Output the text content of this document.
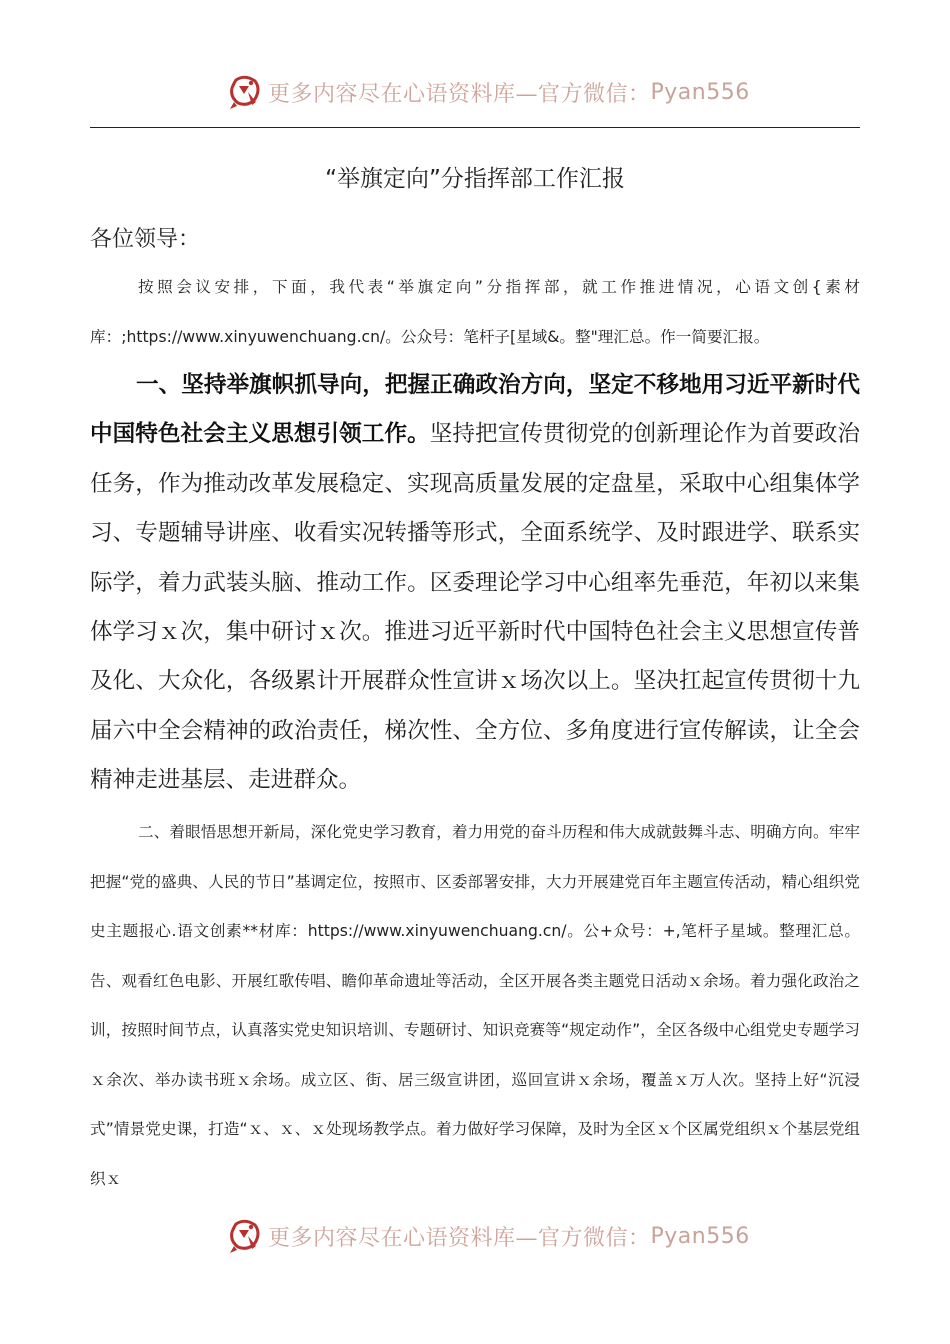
更多内容尽在心语资料库—官方微信： Pyan556
“举旗定向”分指挥部工作汇报
各位领导：
按照会议安排，下面，我代表“举旗定向”分指挥部，就工作推进情况，心语文创{素材库：;https://www.xinyuwenchuang.cn/。公众号：笔杆子[星域&。整"理汇总。作一简要汇报。
一、坚持举旗帜抓导向，把握正确政治方向，坚定不移地用习近平新时代中国特色社会主义思想引领工作。坚持把宣传贯彻党的创新理论作为首要政治任务，作为推动改革发展稳定、实现高质量发展的定盘星，采取中心组集体学习、专题辅导讲座、收看实况转播等形式，全面系统学、及时跟进学、联系实际学，着力武装头脑、推动工作。区委理论学习中心组率先垂范，年初以来集体学习ｘ次，集中研讨ｘ次。推进习近平新时代中国特色社会主义思想宣传普及化、大众化，各级累计开展群众性宣讲ｘ场次以上。坚决扛起宣传贯彻十九届六中全会精神的政治责任，梯次性、全方位、多角度进行宣传解读，让全会精神走进基层、走进群众。
二、着眼悟思想开新局，深化党史学习教育，着力用党的奋斗历程和伟大成就鼓舞斗志、明确方向。牢牢把握“党的盛典、人民的节日”基调定位，按照市、区委部署安排，大力开展建党百年主题宣传活动，精心组织党史主题报心.语文创素**材库：https://www.xinyuwenchuang.cn/。公+众号：+,笔杆子星域。整理汇总。告、观看红色电影、开展红歌传唱、瞻仰革命遗址等活动，全区开展各类主题党日活动ｘ余场。着力强化政治之训，按照时间节点，认真落实党史知识培训、专题研讨、知识竞赛等“规定动作”，全区各级中心组党史专题学习ｘ余次、举办读书班ｘ余场。成立区、街、居三级宣讲团，巡回宣讲ｘ余场，覆盖ｘ万人次。坚持上好“沉浸式”情景党史课，打造“ｘ、ｘ、ｘ处现场教学点。着力做好学习保障，及时为全区ｘ个区属党组织ｘ个基层党组织ｘ
更多内容尽在心语资料库—官方微信： Pyan556
